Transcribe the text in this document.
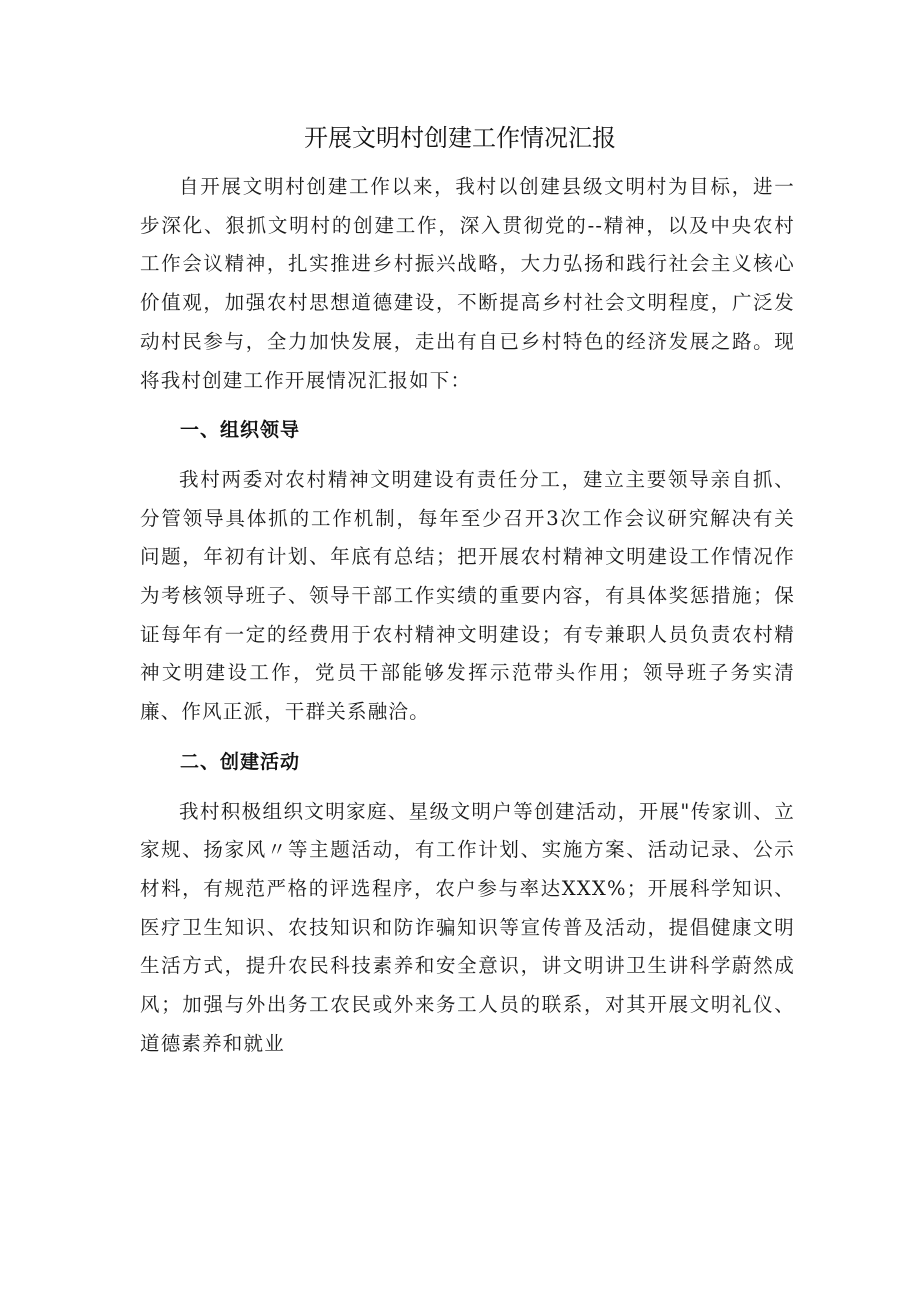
开展文明村创建工作情况汇报

自开展文明村创建工作以来，我村以创建县级文明村为目标，进一步深化、狠抓文明村的创建工作，深入贯彻党的--精神，以及中央农村工作会议精神，扎实推进乡村振兴战略，大力弘扬和践行社会主义核心价值观，加强农村思想道德建设，不断提高乡村社会文明程度，广泛发动村民参与，全力加快发展，走出有自已乡村特色的经济发展之路。现将我村创建工作开展情况汇报如下：

一、组织领导

我村两委对农村精神文明建设有责任分工，建立主要领导亲自抓、分管领导具体抓的工作机制，每年至少召开3次工作会议研究解决有关问题，年初有计划、年底有总结；把开展农村精神文明建设工作情况作为考核领导班子、领导干部工作实绩的重要内容，有具体奖惩措施；保证每年有一定的经费用于农村精神文明建设；有专兼职人员负责农村精神文明建设工作，党员干部能够发挥示范带头作用；领导班子务实清廉、作风正派，干群关系融洽。

二、创建活动

我村积极组织文明家庭、星级文明户等创建活动，开展"传家训、立家规、扬家风〃等主题活动，有工作计划、实施方案、活动记录、公示材料，有规范严格的评选程序，农户参与率达XXX%；开展科学知识、医疗卫生知识、农技知识和防诈骗知识等宣传普及活动，提倡健康文明生活方式，提升农民科技素养和安全意识，讲文明讲卫生讲科学蔚然成风；加强与外出务工农民或外来务工人员的联系，对其开展文明礼仪、道德素养和就业
